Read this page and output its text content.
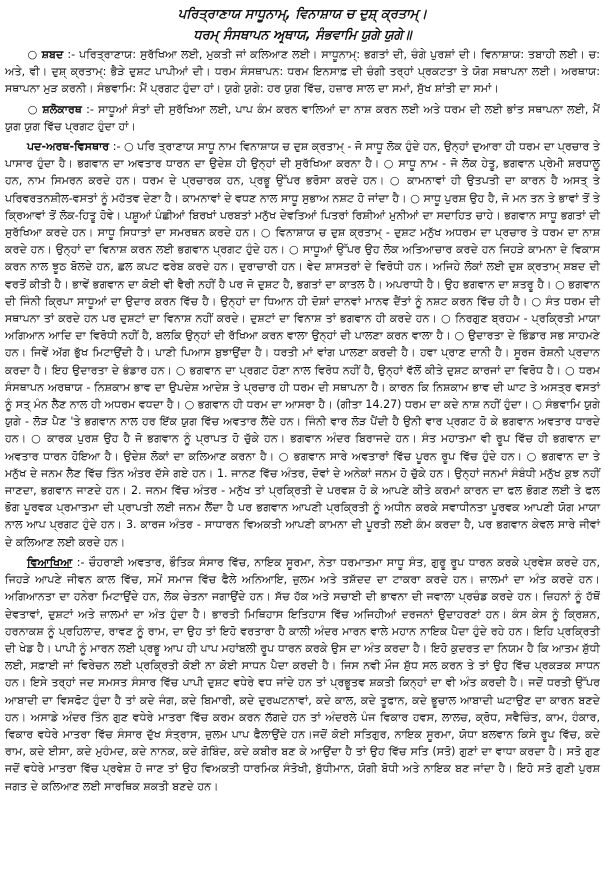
ਪਰਿਤ੍ਰਾਣਾਯ ਸਾਧੂਨਾਮ੍, ਵਿਨਾਸ਼ਾਯ ਚ ਦੁਸ਼੍ ਕ੍ਰਤਾਮ੍।
ਧਰਮ੍ ਸੰਸਥਾਪਨ ਅਰ੍ਥਾਯ, ਸੰਭਵਾਮਿ ਯੁਗੇ ਯੁਗੇ॥

○ ਸ਼ਬਦ :- ਪਰਿਤ੍ਰਾਣਾਯ: ਸੁਰੱਖਿਆ ਲਈ, ਮੁਕਤੀ ਜਾਂ ਕਲਿਆਣ ਲਈ। ਸਾਧੂਨਾਮ੍: ਭਗਤਾਂ ਦੀ, ਚੰਗੇ ਪੁਰਸ਼ਾਂ ਦੀ। ਵਿਨਾਸ਼ਾਯ: ਤਬਾਹੀ ਲਈ। ਚ: ਅਤੇ, ਵੀ। ਦੁਸ਼੍ ਕ੍ਰਤਾਮ੍: ਭੈੜੇ ਦੁਸ਼ਟ ਪਾਪੀਆਂ ਦੀ। ਧਰਮ ਸੰਸਥਾਪਨ: ਧਰਮ ਇਨਸਾਫ਼ ਦੀ ਚੰਗੀ ਤਰ੍ਹਾਂ ਪ੍ਰਕਟਤਾ ਤੇ ਯੋਗ ਸਥਾਪਨਾ ਲਈ। ਅਰਥਾਯ: ਸਥਾਪਨਾ ਮੁੜ ਕਰਨੀ। ਸੰਭਵਾਮਿ: ਮੈਂ ਪ੍ਰਗਟ ਹੁੰਦਾ ਹਾਂ। ਯੁਗੇ ਯੁਗੇ: ਹਰ ਯੁਗ ਵਿੱਚ, ਹਜ਼ਾਰ ਸਾਲ ਦਾ ਸਮਾਂ, ਸੁੱਖ ਸ਼ਾਂਤੀ ਦਾ ਸਮਾਂ।

○ ਸ਼ਲੋਕਾਰਥ :- ਸਾਧੂਆਂ ਸੰਤਾਂ ਦੀ ਸੁਰੱਖਿਆ ਲਈ, ਪਾਪ ਕੰਮ ਕਰਨ ਵਾਲਿਆਂ ਦਾ ਨਾਸ਼ ਕਰਨ ਲਈ ਅਤੇ ਧਰਮ ਦੀ ਲਈ ਭਾਂਤ ਸਥਾਪਨਾ ਲਈ, ਮੈਂ ਯੁਗ ਯੁਗ ਵਿੱਚ ਪ੍ਰਗਟ ਹੁੰਦਾ ਹਾਂ।

ਪਦ-ਅਰਥ-ਵਿਸਥਾਰ :- ○ ਪਰਿ ਤ੍ਰਾਣਾਯ ਸਾਧੂ ਨਾਮ ਵਿਨਾਸ਼ਾਯ ਚ ਦੁਸ਼ ਕ੍ਰਤਾਮ੍ - ਜੋ ਸਾਧੂ ਲੋਕ ਹੁੰਦੇ ਹਨ, ਉਨ੍ਹਾਂ ਦੁਆਰਾ ਹੀ ਧਰਮ ਦਾ ਪ੍ਰਚਾਰ ਤੇ ਪਾਸਾਰ ਹੁੰਦਾ ਹੈ। ਭਗਵਾਨ ਦਾ ਅਵਤਾਰ ਧਾਰਨ ਦਾ ਉਦੇਸ਼ ਹੀ ਉਨ੍ਹਾਂ ਦੀ ਸੁਰੱਖਿਆ ਕਰਨਾ ਹੈ। ○ ਸਾਧੂ ਨਾਮ - ਜੋ ਲੋਕ ਹੇਤੂ, ਭਗਵਾਨ ਪ੍ਰੇਮੀ ਸ਼ਰਧਾਲੂ ਹਨ, ਨਾਮ ਸਿਮਰਨ ਕਰਦੇ ਹਨ। ਧਰਮ ਦੇ ਪ੍ਰਚਾਰਕ ਹਨ, ਪ੍ਰਭੂ ਉੱਪਰ ਭਰੋਸਾ ਕਰਦੇ ਹਨ। ○ ਕਾਮਨਾਵਾਂ ਹੀ ਉਤਪਤੀ ਦਾ ਕਾਰਨ ਹੈ ਅਸਤ੍ ਤੇ ਪਰਿਵਰਤਨਸ਼ੀਲ-ਵਸਤਾਂ ਨੂੰ ਮਹੱਤਵ ਦੇਣਾ ਹੈ। ਕਾਮਨਾਵਾਂ ਦੇ ਵਧਣ ਨਾਲ ਸਾਧੂ ਸੁਭਾਅ ਨਸ਼ਟ ਹੋ ਜਾਂਦਾ ਹੈ। ○ ਸਾਧੂ ਪੁਰਸ਼ ਉਹ ਹੈ, ਜੋ ਮਨ ਤਨ ਤੇ ਭਾਵਾਂ ਤੋਂ ਤੇ ਕ੍ਰਿਆਵਾਂ ਤੋਂ ਲੋਕ-ਹਿਤੂ ਹੋਵੇ। ਪਸ਼ੂਆਂ ਪੰਛੀਆਂ ਬਿਰਖਾਂ ਪਰਬਤਾਂ ਮਨੁੱਖ ਦੇਵਤਿਆਂ ਪਿਤਰਾਂ ਰਿਸ਼ੀਆਂ ਮੁਨੀਆਂ ਦਾ ਸਦਾਹਿਤ ਚਾਹੇ। ਭਗਵਾਨ ਸਾਧੂ ਭਗਤਾਂ ਦੀ ਸੁਰੱਖਿਆ ਕਰਦੇ ਹਨ। ਸਾਧੂ ਸਿਧਾਤਾਂ ਦਾ ਸਮਰਥਨ ਕਰਦੇ ਹਨ। ○ ਵਿਨਾਸ਼ਾਯ ਚ ਦੁਸ਼ ਕ੍ਰਤਾਮ੍ - ਦੁਸ਼ਟ ਮਨੁੱਖ ਅਧਰਮ ਦਾ ਪ੍ਰਚਾਰ ਤੇ ਧਰਮ ਦਾ ਨਾਸ਼ ਕਰਦੇ ਹਨ। ਉਨ੍ਹਾਂ ਦਾ ਵਿਨਾਸ਼ ਕਰਨ ਲਈ ਭਗਵਾਨ ਪ੍ਰਗਟ ਹੁੰਦੇ ਹਨ। ○ ਸਾਧੂਆਂ ਉੱਪਰ ਉਹ ਲੋਕ ਅਤਿਆਚਾਰ ਕਰਦੇ ਹਨ ਜਿਹੜੇ ਕਾਮਨਾ ਦੇ ਵਿਕਾਸ ਕਰਨ ਨਾਲ ਝੂਠ ਬੋਲਦੇ ਹਨ, ਛਲ ਕਪਟ ਫਰੇਬ ਕਰਦੇ ਹਨ। ਦੁਰਾਚਾਰੀ ਹਨ। ਵੇਦ ਸ਼ਾਸਤਰਾਂ ਦੇ ਵਿਰੋਧੀ ਹਨ। ਅਜਿਹੇ ਲੋਕਾਂ ਲਈ ਦੁਸ਼ ਕ੍ਰਤਾਮ੍ ਸ਼ਬਦ ਦੀ ਵਰਤੋਂ ਕੀਤੀ ਹੈ। ਭਾਵੇਂ ਭਗਵਾਨ ਦਾ ਕੋਈ ਵੀ ਵੈਰੀ ਨਹੀਂ ਹੈ ਪਰ ਜੋ ਦੁਸ਼ਟ ਹੈ, ਭਗਤਾਂ ਦਾ ਕਾਤਲ ਹੈ। ਅਪਰਾਧੀ ਹੈ। ਉਹ ਭਗਵਾਨ ਦਾ ਸ਼ਤਰੂ ਹੈ। ○ ਭਗਵਾਨ ਦੀ ਜਿੰਨੀ ਕ੍ਰਿਪਾ ਸਾਧੂਆਂ ਦਾ ਉਦਾਰ ਕਰਨ ਵਿੱਚ ਹੈ। ਉਨ੍ਹਾਂ ਦਾ ਧਿਆਨ ਹੀ ਦੋਸ਼ਾਂ ਦਾਨਵਾਂ ਮਾਨਵ ਦੈਂਤਾਂ ਨੂੰ ਨਸ਼ਟ ਕਰਨ ਵਿੱਚ ਹੀ ਹੈ। ○ ਸੰਤ ਧਰਮ ਦੀ ਸਥਾਪਨਾ ਤਾਂ ਕਰਦੇ ਹਨ ਪਰ ਦੁਸ਼ਟਾਂ ਦਾ ਵਿਨਾਸ਼ ਨਹੀਂ ਕਰਦੇ। ਦੁਸ਼ਟਾਂ ਦਾ ਵਿਨਾਸ਼ ਤਾਂ ਭਗਵਾਨ ਹੀ ਕਰਦੇ ਹਨ। ○ ਨਿਰਗੁਣ ਬ੍ਰਹਮ - ਪ੍ਰਕ੍ਰਿਤੀ ਮਾਯਾ ਅਗਿਆਨ ਆਦਿ ਦਾ ਵਿਰੋਧੀ ਨਹੀਂ ਹੈ, ਬਲਕਿ ਉਨ੍ਹਾਂ ਦੀ ਰੱਖਿਆ ਕਰਨ ਵਾਲਾ ਉਨ੍ਹਾਂ ਦੀ ਪਾਲਣਾ ਕਰਨ ਵਾਲਾ ਹੈ। ○ ਉਦਾਰਤਾ ਦੇ ਭਿੰਡਾਰ ਸਭ ਸਾਹਮਣੇ ਹਨ। ਜਿਵੇਂ ਅੱਗ ਭੁੱਖ ਮਿਟਾਉਂਦੀ ਹੈ। ਪਾਣੀ ਪਿਆਸ ਬੁਝਾਉਂਦਾ ਹੈ। ਧਰਤੀ ਮਾਂ ਵਾਂਗ ਪਾਲਣਾ ਕਰਦੀ ਹੈ। ਹਵਾ ਪ੍ਰਾਣ ਦਾਨੀ ਹੈ। ਸੂਰਜ ਰੋਸ਼ਨੀ ਪ੍ਰਦਾਨ ਕਰਦਾ ਹੈ। ਇਹ ਉਦਾਰਤਾ ਦੇ ਭੰਡਾਰ ਹਨ। ○ ਭਗਵਾਨ ਦਾ ਪ੍ਰਗਟ ਹੋਣਾ ਨਾਲ ਵਿਰੋਧ ਨਹੀਂ ਹੈ, ਉਨ੍ਹਾਂ ਵੱਲੋਂ ਕੀਤੇ ਦੁਸ਼ਟ ਕਾਰਜਾਂ ਦਾ ਵਿਰੋਧ ਹੈ। ○ ਧਰਮ ਸੰਸਥਾਪਨ ਅਰਥਾਯ - ਨਿਸ਼ਕਾਮ ਭਾਵ ਦਾ ਉਪਦੇਸ਼ ਆਦੇਸ਼ ਤੇ ਪ੍ਰਚਾਰ ਹੀ ਧਰਮ ਦੀ ਸਥਾਪਨਾ ਹੈ। ਕਾਰਨ ਕਿ ਨਿਸ਼ਕਾਮ ਭਾਵ ਦੀ ਘਾਟ ਤੇ ਅਸਤ੍ਰ ਵਸਤਾਂ ਨੂੰ ਸਤ੍ ਮੰਨ ਲੈਣ ਨਾਲ ਹੀ ਅਧਰਮ ਵਧਦਾ ਹੈ। ○ ਭਗਵਾਨ ਹੀ ਧਰਮ ਦਾ ਆਸਰਾ ਹੈ। (ਗੀਤਾ 14.27) ਧਰਮ ਦਾ ਕਦੇ ਨਾਸ਼ ਨਹੀਂ ਹੁੰਦਾ। ○ ਸੰਭਵਾਮਿ ਯੁਗੇ ਯੁਗੇ - ਲੋੜ ਪੈਣ 'ਤੇ ਭਗਵਾਨ ਨਾਲ ਹਰ ਇੱਕ ਯੁਗ ਵਿੱਚ ਅਵਤਾਰ ਲੈਂਦੇ ਹਨ। ਜਿੰਨੀ ਵਾਰ ਲੋੜ ਪੈਂਦੀ ਹੈ ਉਨੀ ਵਾਰ ਪ੍ਰਗਟ ਹੋ ਕੇ ਭਗਵਾਨ ਅਵਤਾਰ ਧਾਰਦੇ ਹਨ। ○ ਕਾਰਕ ਪੁਰਸ਼ ਉਹ ਹੈ ਜੋ ਭਗਵਾਨ ਨੂੰ ਪ੍ਰਾਪਤ ਹੋ ਚੁੱਕੇ ਹਨ। ਭਗਵਾਨ ਅੰਦਰ ਬਿਰਾਜਦੇ ਹਨ। ਸੰਤ ਮਹਾਤਮਾ ਵੀ ਰੂਪ ਵਿੱਚ ਹੀ ਭਗਵਾਨ ਦਾ ਅਵਤਾਰ ਧਾਰਨ ਹੋਇਆ ਹੈ। ਉਦੇਸ਼ ਲੋਕਾਂ ਦਾ ਕਲਿਆਣ ਕਰਨਾ ਹੈ। ○ ਭਗਵਾਨ ਸਾਰੇ ਅਵਤਾਰਾਂ ਵਿੱਚ ਪੂਰਨ ਰੂਪ ਵਿੱਚ ਹੁੰਦੇ ਹਨ। ○ ਭਗਵਾਨ ਦਾ ਤੇ ਮਨੁੱਖ ਦੇ ਜਨਮ ਲੈਣ ਵਿੱਚ ਤਿੰਨ ਅੰਤਰ ਦੱਸੇ ਗਏ ਹਨ। 1. ਜਾਨਣ ਵਿੱਚ ਅੰਤਰ, ਦੋਵਾਂ ਦੇ ਅਨੇਕਾਂ ਜਨਮ ਹੋ ਚੁੱਕੇ ਹਨ। ਉਨ੍ਹਾਂ ਜਨਮਾਂ ਸੰਬੰਧੀ ਮਨੁੱਖ ਕੁਝ ਨਹੀਂ ਜਾਣਦਾ, ਭਗਵਾਨ ਜਾਣਦੇ ਹਨ। 2. ਜਨਮ ਵਿੱਚ ਅੰਤਰ - ਮਨੁੱਖ ਤਾਂ ਪ੍ਰਕ੍ਰਿਤੀ ਦੇ ਪਰਵਸ਼ ਹੋ ਕੇ ਆਪਣੇ ਕੀਤੇ ਕਰਮਾਂ ਕਾਰਨ ਦਾ ਫਲ ਭੋਗਣ ਲਈ ਤੇ ਫਲ ਭੋਗ ਪੂਰਵਕ ਪ੍ਰਮਾਤਮਾ ਦੀ ਪ੍ਰਾਪਤੀ ਲਈ ਜਨਮ ਲੈਂਦਾ ਹੈ ਪਰ ਭਗਵਾਨ ਆਪਣੀ ਪ੍ਰਕ੍ਰਿਤੀ ਨੂੰ ਅਧੀਨ ਕਰਕੇ ਸਵਾਧੀਨਤਾ ਪੂਰਵਕ ਆਪਣੀ ਯੋਗ ਮਾਯਾ ਨਾਲ ਆਪ ਪ੍ਰਗਟ ਹੁੰਦੇ ਹਨ। 3. ਕਾਰਜ ਅੰਤਰ - ਸਾਧਾਰਨ ਵਿਅਕਤੀ ਆਪਣੀ ਕਾਮਨਾ ਦੀ ਪੂਰਤੀ ਲਈ ਕੰਮ ਕਰਦਾ ਹੈ, ਪਰ ਭਗਵਾਨ ਕੇਵਲ ਸਾਰੇ ਜੀਵਾਂ ਦੇ ਕਲਿਆਣ ਲਈ ਕਰਦੇ ਹਨ।

ਵਿਆਖਿਆ :- ਚੌਹਰਾਈ ਅਵਤਾਰ, ਭੌਤਿਕ ਸੰਸਾਰ ਵਿੱਚ, ਨਾਇਕ ਸੂਰਮਾ, ਨੇਤਾ ਧਰਮਾਤਮਾ ਸਾਧੂ ਸੰਤ, ਗੁਰੂ ਰੂਪ ਧਾਰਨ ਕਰਕੇ ਪ੍ਰਵੇਸ਼ ਕਰਦੇ ਹਨ, ਜਿਹੜੇ ਆਪਣੇ ਜੀਵਨ ਕਾਲ ਵਿੱਚ, ਸਮੇਂ ਸਮਾਜ ਵਿੱਚ ਫੈਲੇ ਅਨਿਆਇ, ਜ਼ੁਲਮ ਅਤੇ ਤਸ਼ੱਦਦ ਦਾ ਟਾਕਰਾ ਕਰਦੇ ਹਨ। ਜ਼ਾਲਮਾਂ ਦਾ ਅੰਤ ਕਰਦੇ ਹਨ। ਅਗਿਆਨਤਾ ਦਾ ਹਨੇਰਾ ਮਿਟਾਉਂਦੇ ਹਨ, ਲੋਕ ਚੇਤਨਾ ਜਗਾਉਂਦੇ ਹਨ। ਸੱਚ ਹੱਕ ਅਤੇ ਸਚਾਈ ਦੀ ਭਾਵਨਾ ਦੀ ਜਵਾਲਾ ਪ੍ਰਚੰਡ ਕਰਦੇ ਹਨ। ਜ਼ਿਹਨਾਂ ਨੂੰ ਹੱਥੋਂ ਦੇਵਤਾਵਾਂ, ਦੁਸ਼ਟਾਂ ਅਤੇ ਜ਼ਾਲਮਾਂ ਦਾ ਅੰਤ ਹੁੰਦਾ ਹੈ। ਭਾਰਤੀ ਮਿਥਿਹਾਸ ਇਤਿਹਾਸ ਵਿੱਚ ਅਜਿਹੀਆਂ ਦਰਜਨਾਂ ਉਦਾਹਰਣਾਂ ਹਨ। ਕੰਸ ਕੇਸ ਨੂੰ ਕ੍ਰਿਸ਼ਨ, ਹਰਨਾਕਸ਼ ਨੂੰ ਪ੍ਰਹਿਲਾਦ, ਰਾਵਣ ਨੂੰ ਰਾਮ, ਦਾ ਉਹ ਤਾਂ ਇਹੋ ਵਰਤਾਰਾ ਹੈ ਕਾਲੀ ਅੰਦਰ ਮਾਰਨ ਵਾਲੇ ਮਹਾਨ ਨਾਇਕ ਪੈਦਾ ਹੁੰਦੇ ਰਹੇ ਹਨ। ਇਹਿ ਪ੍ਰਕ੍ਰਿਤੀ ਦੀ ਖੇਡ ਹੈ। ਪਾਪੀ ਨੂੰ ਮਾਰਨ ਲਈ ਪ੍ਰਭੂ ਆਪ ਹੀ ਪਾਪ ਮਹਾਂਬਲੀ ਰੂਪ ਧਾਰਨ ਕਰਕੇ ਉਸ ਦਾ ਅੰਤ ਕਰਦਾ ਹੈ। ਇਹੋ ਕੁਦਰਤ ਦਾ ਨਿਯਮ ਹੈ ਕਿ ਆਤਮ ਸ਼ੁੱਧੀ ਲਈ, ਸਫ਼ਾਈ ਜਾਂ ਵਿਰੇਚਨ ਲਈ ਪ੍ਰਕ੍ਰਿਤੀ ਕੋਈ ਨਾ ਕੋਈ ਸਾਧਨ ਪੈਦਾ ਕਰਦੀ ਹੈ। ਜਿਸ ਨਵੀ ਮੌਜ ਸ਼ੁੱਧ ਸਲ ਕਰਨ ਤੇ ਤਾਂ ਉਹ ਵਿੱਚ ਪ੍ਰਕੜਕ ਸਾਧਨ ਹਨ। ਇਸੇ ਤਰ੍ਹਾਂ ਜਦ ਸਮਸਤ ਸੰਸਾਰ ਵਿੱਚ ਪਾਪੀ ਦੁਸ਼ਟ ਵਧੇਰੇ ਵਧ ਜਾਂਦੇ ਹਨ ਤਾਂ ਪ੍ਰਭੂਤਵ ਸ਼ਕਤੀ ਕਿਨ੍ਹਾਂ ਦਾ ਵੀ ਅੰਤ ਕਰਦੀ ਹੈ। ਜਦੋਂ ਧਰਤੀ ਉੱਪਰ ਆਬਾਦੀ ਦਾ ਵਿਸਫੋਟ ਹੁੰਦਾ ਹੈ ਤਾਂ ਕਦੇ ਜੰਗ, ਕਦੇ ਬਿਮਾਰੀ, ਕਦੇ ਦੁਰਘਟਨਾਵਾਂ, ਕਦੇ ਕਾਲ, ਕਦੇ ਤੂਫਾਨ, ਕਦੇ ਭੂਚਾਲ ਆਬਾਦੀ ਘਟਾਉਣ ਦਾ ਕਾਰਨ ਬਣਦੇ ਹਨ। ਅਸਾਡੇ ਅੰਦਰ ਤਿੰਨ ਗੁਣ ਵਧੇਰੇ ਮਾਤਰਾ ਵਿੱਚ ਕਰਮ ਕਰਨ ਲੱਗਦੇ ਹਨ ਤਾਂ ਅੰਦਰਲੇ ਪੰਜ ਵਿਕਾਰ ਹਵਸ, ਲਾਲਚ, ਕ੍ਰੋਧ, ਸਵੈਚਿੰਤ, ਕਾਮ, ਹੰਕਾਰ, ਵਿਕਾਰ ਵਧੇਰੇ ਮਾਤਰਾ ਵਿੱਚ ਸੰਸਾਰ ਦੁੱਖ ਸੰਤ੍ਰਾਸ, ਜ਼ੁਲਮ ਪਾਪ ਫੈਲਾਉਂਦੇ ਹਨ।ਜਦੋਂ ਕੋਈ ਸਤਿਗੁਰ, ਨਾਇਕ ਸੂਰਮਾ, ਯੋਧਾ ਬਲਵਾਨ ਕਿਸੇ ਰੂਪ ਵਿੱਚ, ਕਦੇ ਰਾਮ, ਕਦੇ ਈਸਾ, ਕਦੇ ਮੁਹੰਮਦ, ਕਦੇ ਨਾਨਕ, ਕਦੇ ਗੋਬਿੰਦ, ਕਦੇ ਕਬੀਰ ਬਣ ਕੇ ਆਉਂਦਾ ਹੈ ਤਾਂ ਉਹ ਵਿੱਚ ਸਤਿ (ਸਤੋ) ਗੁਣਾਂ ਦਾ ਵਾਧਾ ਕਰਦਾ ਹੈ। ਸਤੋ ਗੁਣ ਜਦੋਂ ਵਧੇਰੇ ਮਾਤਰਾ ਵਿੱਚ ਪ੍ਰਵੇਸ਼ ਹੋ ਜਾਣ ਤਾਂ ਉਹ ਵਿਅਕਤੀ ਧਾਰਮਿਕ ਸੰਤੋਖੀ, ਬੁੱਧੀਮਾਨ, ਯੋਗੀ ਬੋਧੀ ਅਤੇ ਨਾਇਕ ਬਣ ਜਾਂਦਾ ਹੈ। ਇਹੋ ਸਤੋ ਗੁਣੀ ਪੁਰਸ਼ ਜਗਤ ਦੇ ਕਲਿਆਣ ਲਈ ਸਾਰਥਿਕ ਸ਼ਕਤੀ ਬਣਦੇ ਹਨ।
